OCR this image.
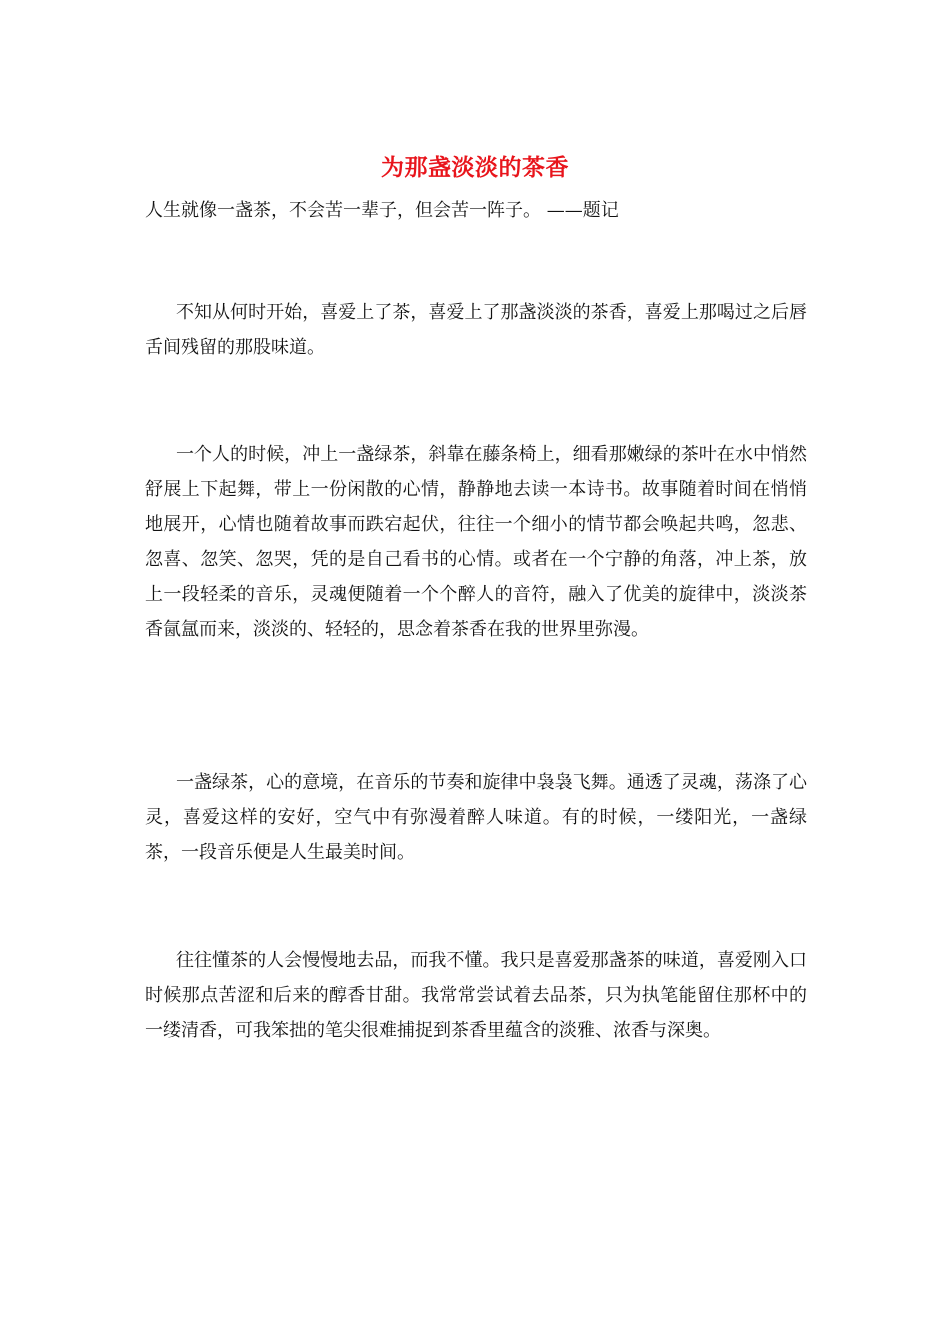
为那盏淡淡的茶香
人生就像一盏茶，不会苦一辈子，但会苦一阵子。 ——题记

不知从何时开始，喜爱上了茶，喜爱上了那盏淡淡的茶香，喜爱上那喝过之后唇舌间残留的那股味道。

一个人的时候，冲上一盏绿茶，斜靠在藤条椅上，细看那嫩绿的茶叶在水中悄然舒展上下起舞，带上一份闲散的心情，静静地去读一本诗书。故事随着时间在悄悄地展开，心情也随着故事而跌宕起伏，往往一个细小的情节都会唤起共鸣，忽悲、忽喜、忽笑、忽哭，凭的是自己看书的心情。或者在一个宁静的角落，冲上茶，放上一段轻柔的音乐，灵魂便随着一个个醉人的音符，融入了优美的旋律中，淡淡茶香氤氲而来，淡淡的、轻轻的，思念着茶香在我的世界里弥漫。

一盏绿茶，心的意境，在音乐的节奏和旋律中袅袅飞舞。通透了灵魂，荡涤了心灵，喜爱这样的安好，空气中有弥漫着醉人味道。有的时候，一缕阳光，一盏绿茶，一段音乐便是人生最美时间。

往往懂茶的人会慢慢地去品，而我不懂。我只是喜爱那盏茶的味道，喜爱刚入口时候那点苦涩和后来的醇香甘甜。我常常尝试着去品茶，只为执笔能留住那杯中的一缕清香，可我笨拙的笔尖很难捕捉到茶香里蕴含的淡雅、浓香与深奥。
